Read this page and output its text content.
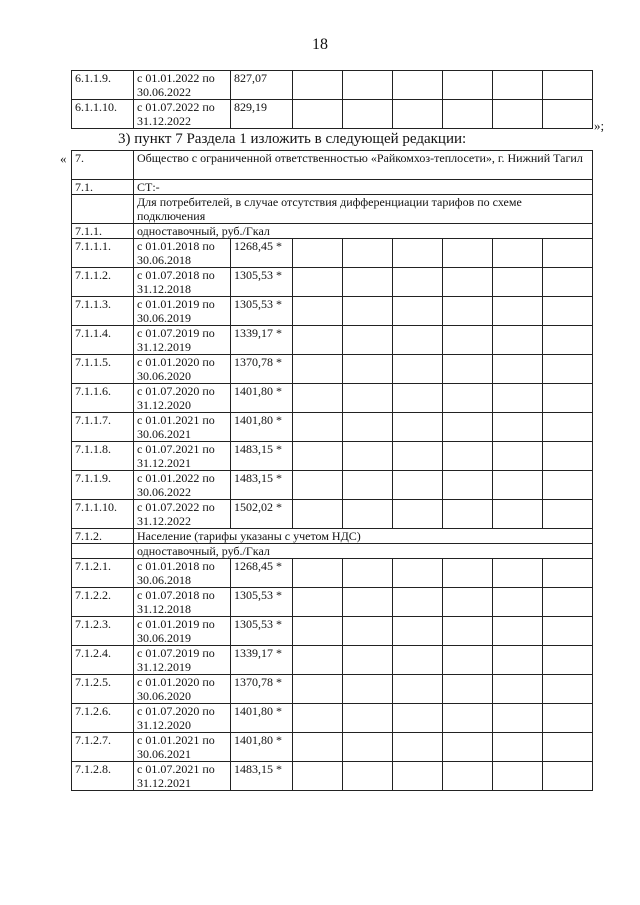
18
6.1.1.9.	с 01.01.2022 по 30.06.2022	827,07						
6.1.1.10.	с 01.07.2022 по 31.12.2022	829,19						
»;
3) пункт 7 Раздела 1 изложить в следующей редакции:
« 7.	Общество с ограниченной ответственностью «Райкомхоз-теплосети», г. Нижний Тагил							
7.1.	СТ:-							
	Для потребителей, в случае отсутствия дифференциации тарифов по схеме подключения							
7.1.1.	одноставочный, руб./Гкал							
7.1.1.1.	с 01.01.2018 по 30.06.2018	1268,45 *						
7.1.1.2.	с 01.07.2018 по 31.12.2018	1305,53 *						
7.1.1.3.	с 01.01.2019 по 30.06.2019	1305,53 *						
7.1.1.4.	с 01.07.2019 по 31.12.2019	1339,17 *						
7.1.1.5.	с 01.01.2020 по 30.06.2020	1370,78 *						
7.1.1.6.	с 01.07.2020 по 31.12.2020	1401,80 *						
7.1.1.7.	с 01.01.2021 по 30.06.2021	1401,80 *						
7.1.1.8.	с 01.07.2021 по 31.12.2021	1483,15 *						
7.1.1.9.	с 01.01.2022 по 30.06.2022	1483,15 *						
7.1.1.10.	с 01.07.2022 по 31.12.2022	1502,02 *						
7.1.2.	Население (тарифы указаны с учетом НДС)							
	одноставочный, руб./Гкал							
7.1.2.1.	с 01.01.2018 по 30.06.2018	1268,45 *						
7.1.2.2.	с 01.07.2018 по 31.12.2018	1305,53 *						
7.1.2.3.	с 01.01.2019 по 30.06.2019	1305,53 *						
7.1.2.4.	с 01.07.2019 по 31.12.2019	1339,17 *						
7.1.2.5.	с 01.01.2020 по 30.06.2020	1370,78 *						
7.1.2.6.	с 01.07.2020 по 31.12.2020	1401,80 *						
7.1.2.7.	с 01.01.2021 по 30.06.2021	1401,80 *						
7.1.2.8.	с 01.07.2021 по 31.12.2021	1483,15 *						
